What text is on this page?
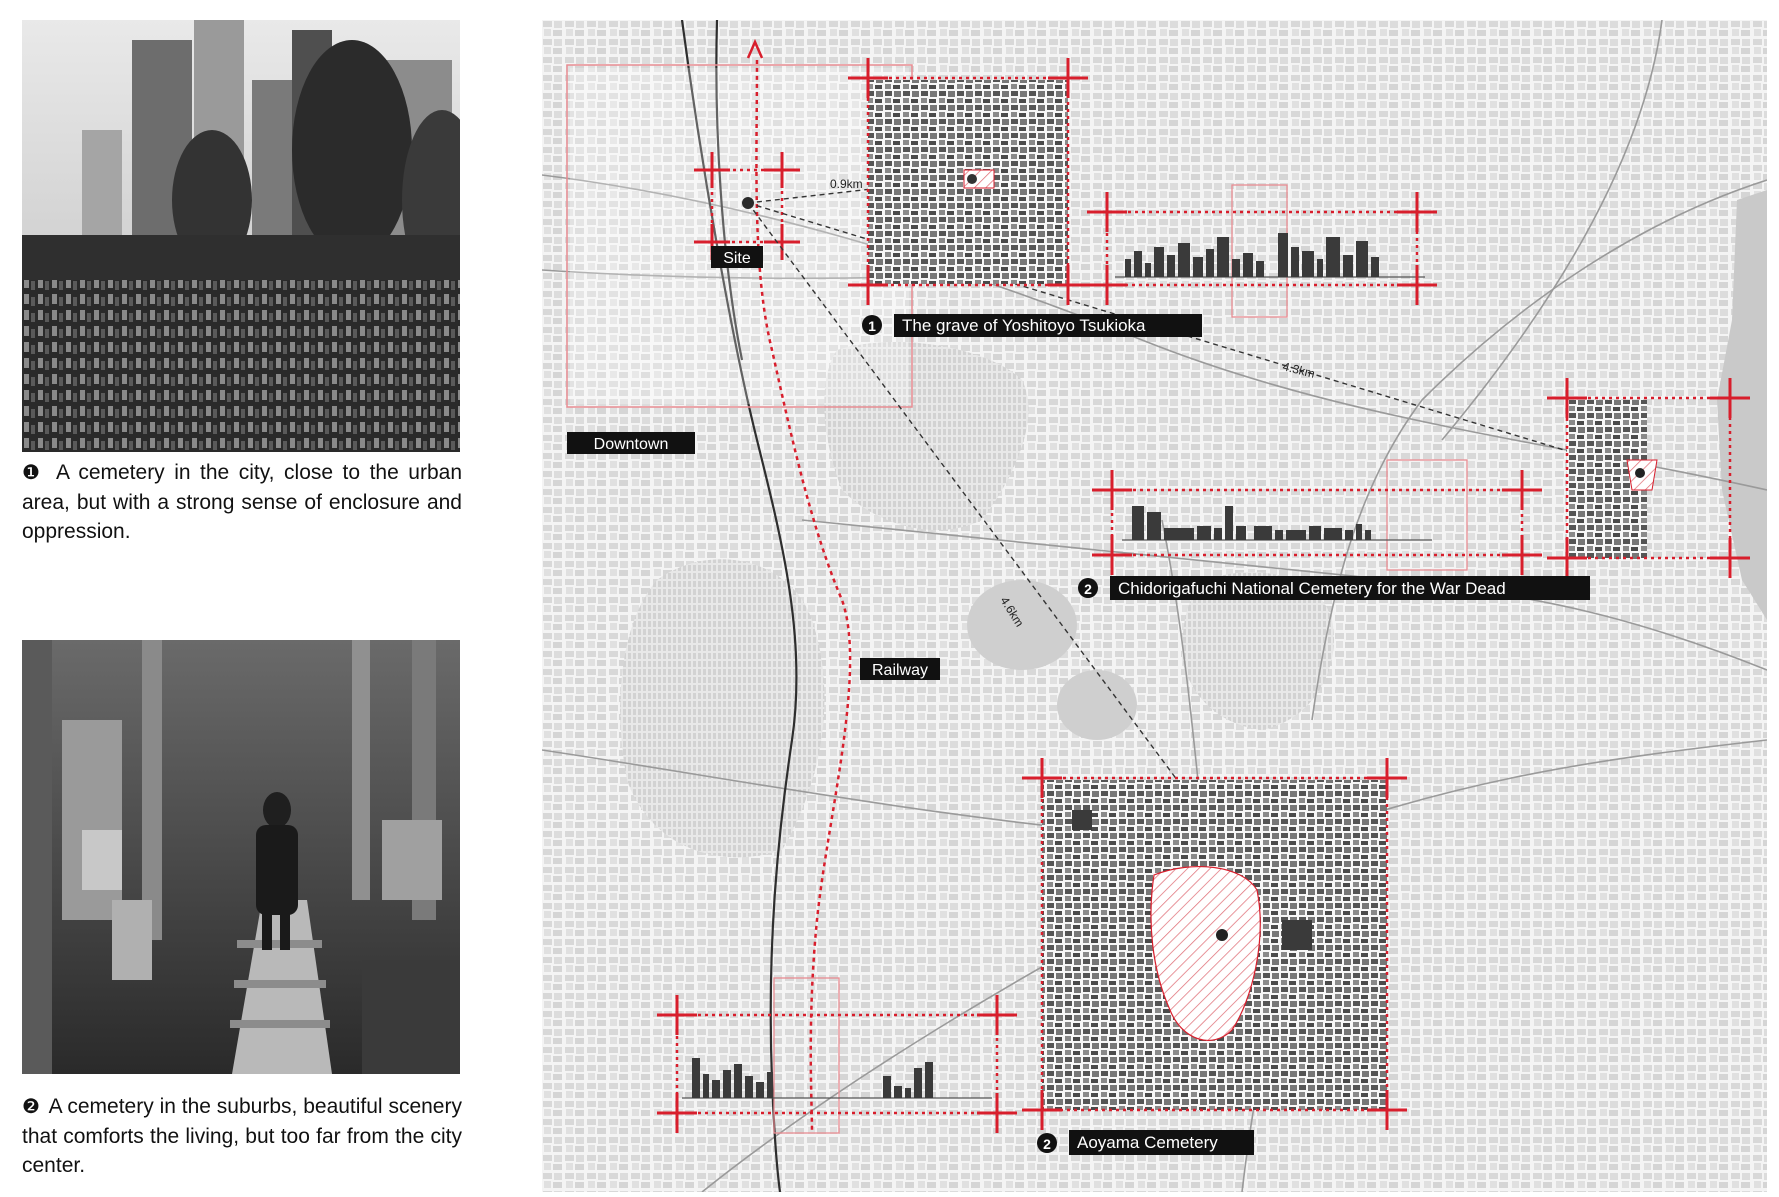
❶ A cemetery in the city, close to the urban area, but with a strong sense of enclosure and oppression.
❷ A cemetery in the suburbs, beautiful scenery that comforts the living, but too far from the city center.
0.9km
4.3km
4.6km
Site
Downtown
Railway
1 The grave of Yoshitoyo Tsukioka
2 Chidorigafuchi National Cemetery for the War Dead
2 Aoyama Cemetery
